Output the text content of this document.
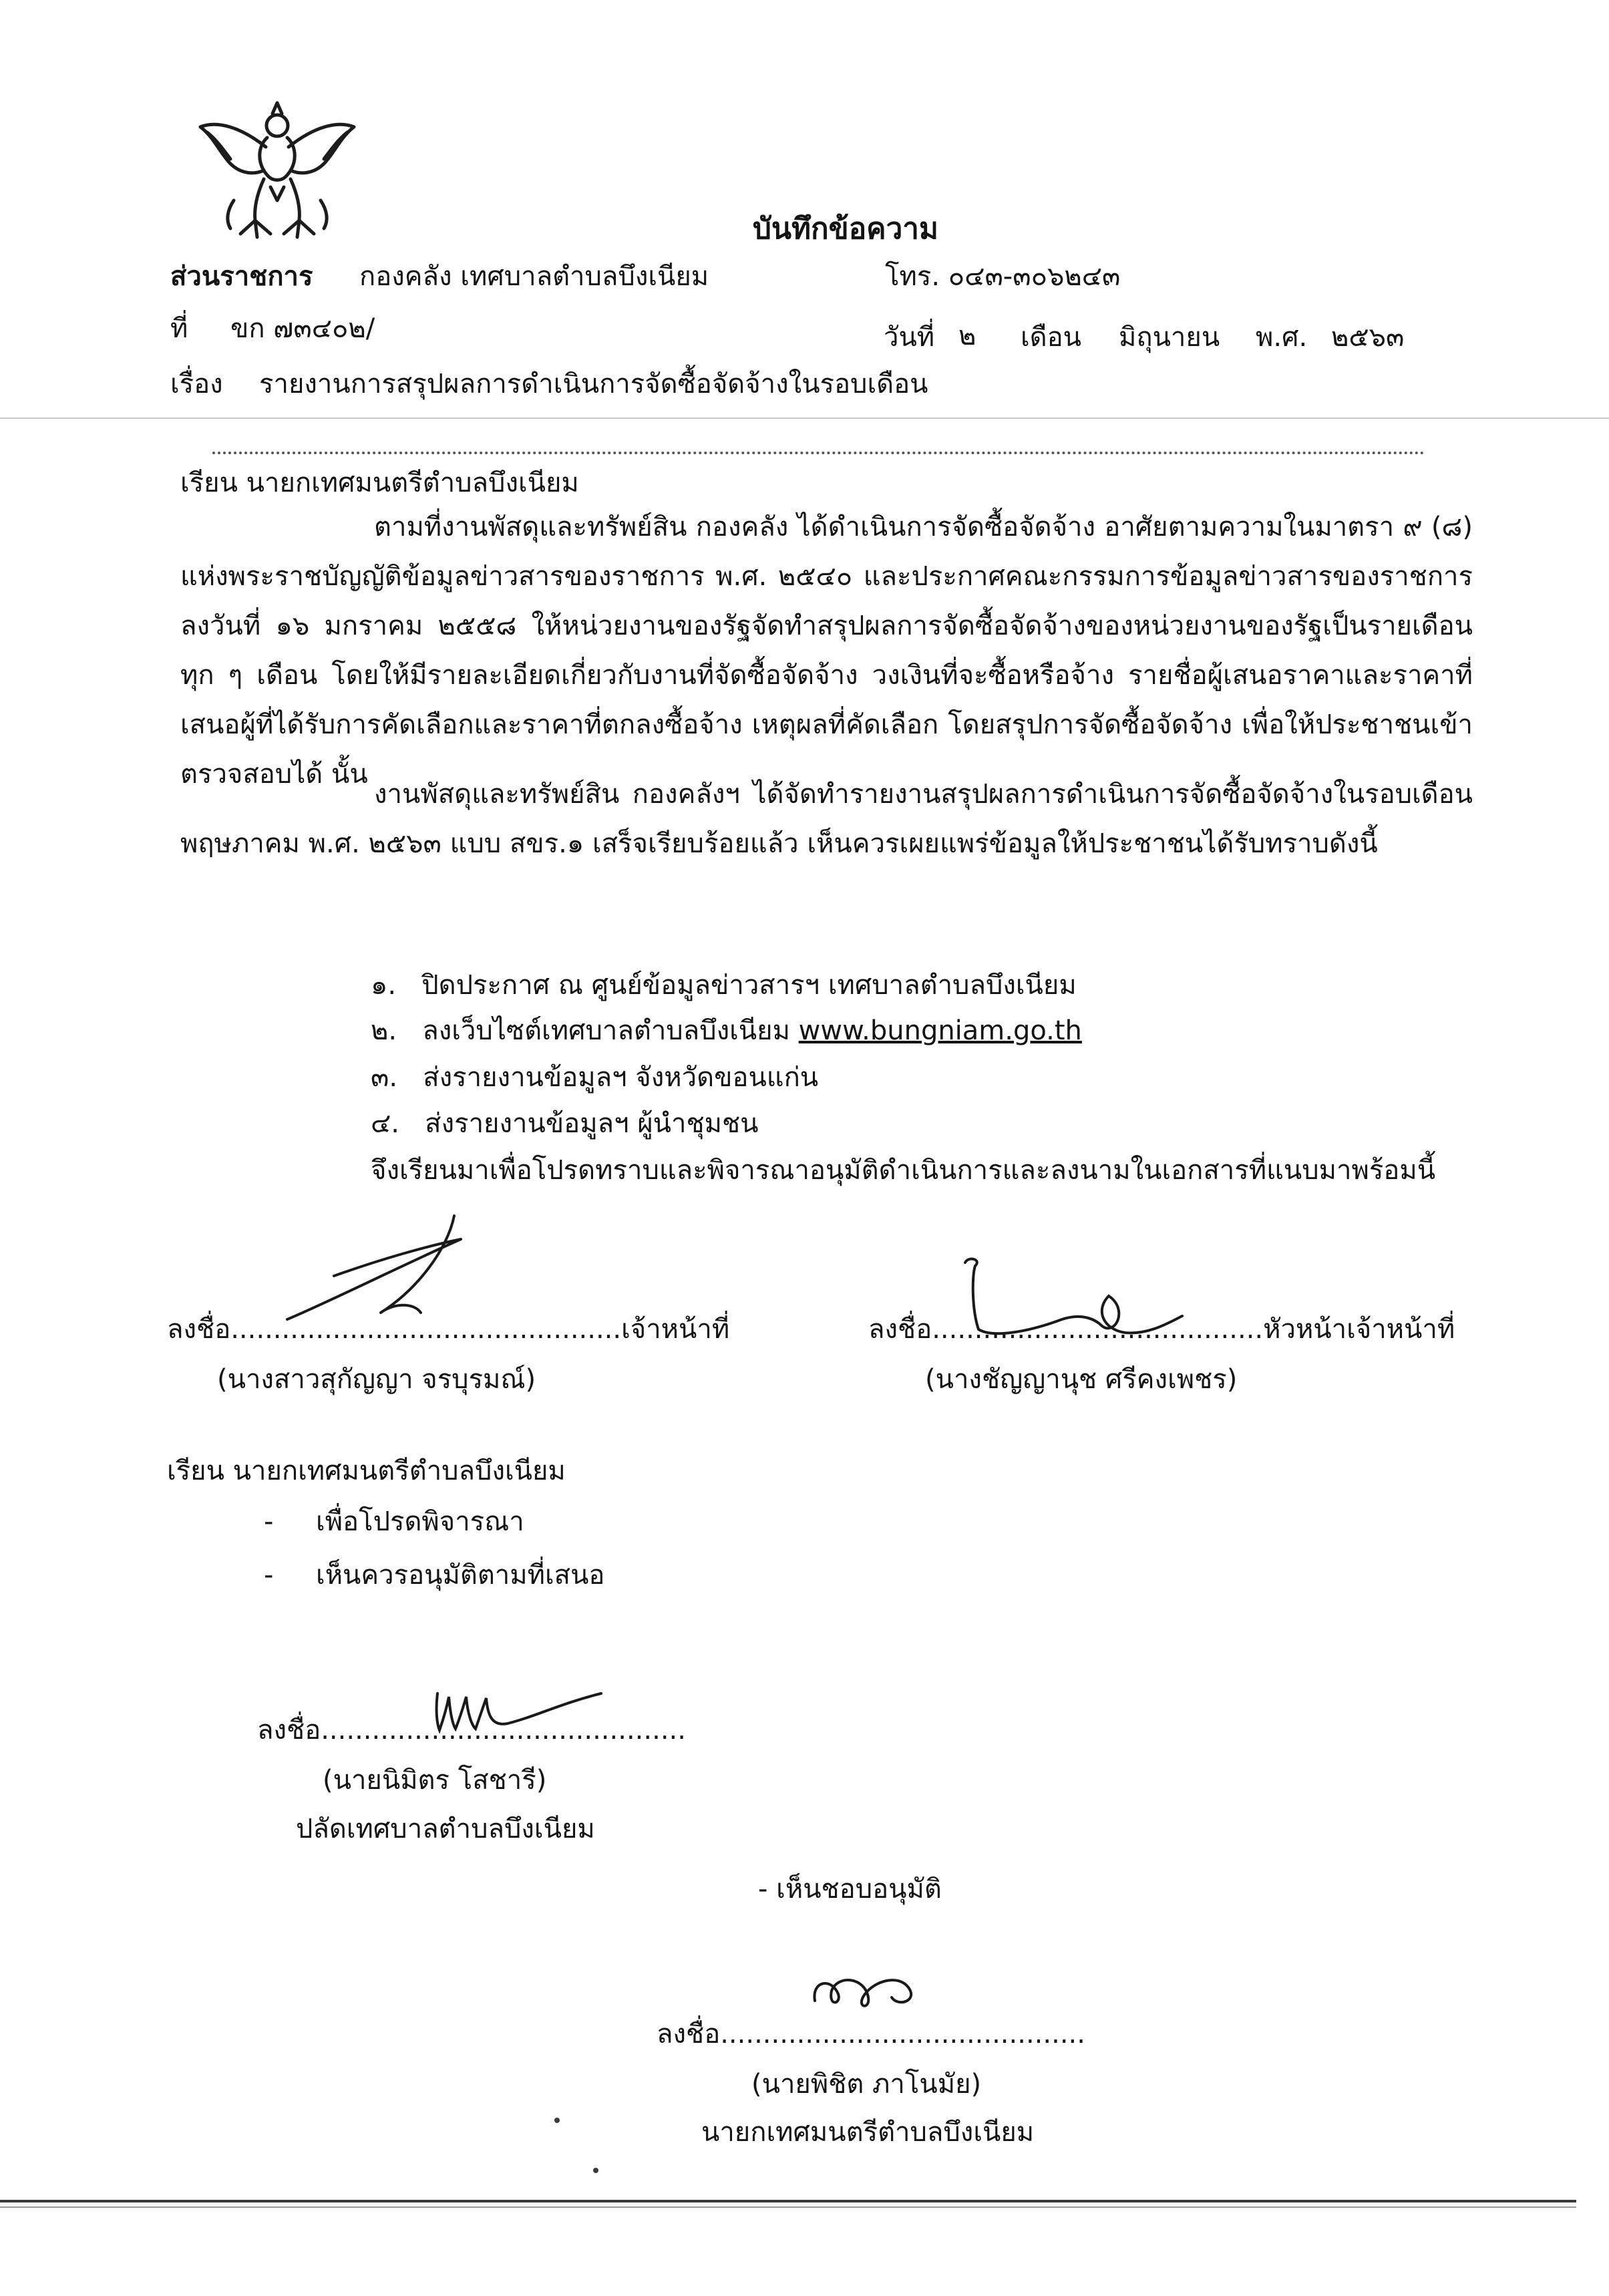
บันทึกข้อความ
ส่วนราชการ กองคลัง เทศบาลตำบลบึงเนียม	โทร. ๐๔๓-๓๐๖๒๔๓
ที่ ขก ๗๓๔๐๒/	วันที่ ๒ เดือน มิถุนายน พ.ศ. ๒๕๖๓
เรื่อง รายงานการสรุปผลการดำเนินการจัดซื้อจัดจ้างในรอบเดือน
เรียน นายกเทศมนตรีตำบลบึงเนียม
ตามที่งานพัสดุและทรัพย์สิน กองคลัง ได้ดำเนินการจัดซื้อจัดจ้าง อาศัยตามความในมาตรา ๙ (๘) แห่งพระราชบัญญัติข้อมูลข่าวสารของราชการ พ.ศ. ๒๕๔๐ และประกาศคณะกรรมการข้อมูลข่าวสารของราชการ ลงวันที่ ๑๖ มกราคม ๒๕๕๘ ให้หน่วยงานของรัฐจัดทำสรุปผลการจัดซื้อจัดจ้างของหน่วยงานของรัฐเป็นรายเดือน ทุก ๆ เดือน โดยให้มีรายละเอียดเกี่ยวกับงานที่จัดซื้อจัดจ้าง วงเงินที่จะซื้อหรือจ้าง รายชื่อผู้เสนอราคาและราคาที่เสนอผู้ที่ได้รับการคัดเลือกและราคาที่ตกลงซื้อจ้าง เหตุผลที่คัดเลือก โดยสรุปการจัดซื้อจัดจ้าง เพื่อให้ประชาชนเข้าตรวจสอบได้ นั้น
งานพัสดุและทรัพย์สิน กองคลังฯ ได้จัดทำรายงานสรุปผลการดำเนินการจัดซื้อจัดจ้างในรอบเดือนพฤษภาคม พ.ศ. ๒๕๖๓ แบบ สขร.๑ เสร็จเรียบร้อยแล้ว เห็นควรเผยแพร่ข้อมูลให้ประชาชนได้รับทราบดังนี้
๑. ปิดประกาศ ณ ศูนย์ข้อมูลข่าวสารฯ เทศบาลตำบลบึงเนียม
๒. ลงเว็บไซต์เทศบาลตำบลบึงเนียม www.bungniam.go.th
๓. ส่งรายงานข้อมูลฯ จังหวัดขอนแก่น
๔. ส่งรายงานข้อมูลฯ ผู้นำชุมชน
จึงเรียนมาเพื่อโปรดทราบและพิจารณาอนุมัติดำเนินการและลงนามในเอกสารที่แนบมาพร้อมนี้
ลงชื่อ..............................................เจ้าหน้าที่
(นางสาวสุกัญญา จรบุรมณ์)
ลงชื่อ.......................................หัวหน้าเจ้าหน้าที่
(นางชัญญานุช ศรีคงเพชร)
เรียน นายกเทศมนตรีตำบลบึงเนียม
- เพื่อโปรดพิจารณา
- เห็นควรอนุมัติตามที่เสนอ
ลงชื่อ...........................................
(นายนิมิตร โสชารี)
ปลัดเทศบาลตำบลบึงเนียม
- เห็นชอบอนุมัติ
ลงชื่อ...........................................
(นายพิชิต ภาโนมัย)
นายกเทศมนตรีตำบลบึงเนียม
